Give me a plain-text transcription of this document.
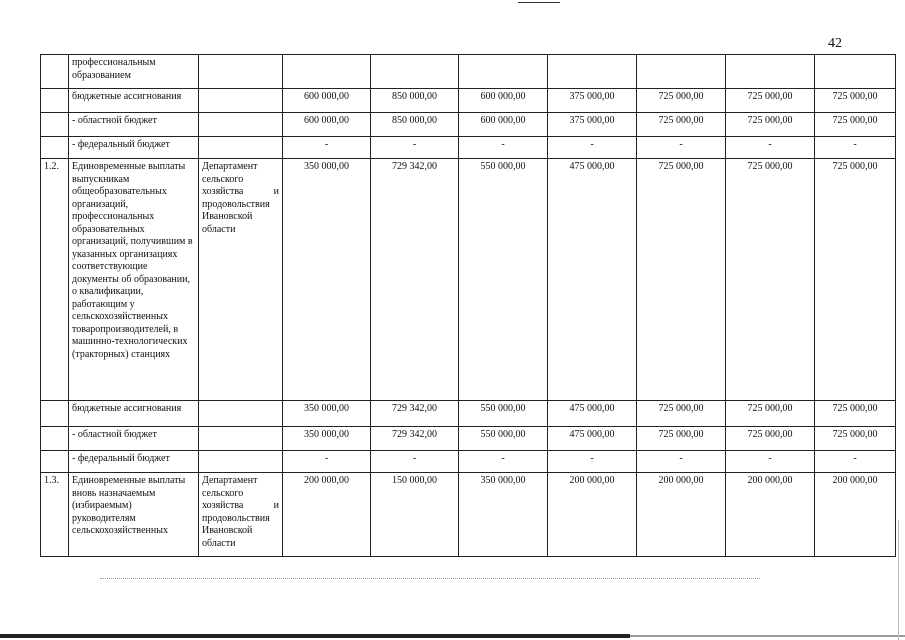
42
	профессиональным образованием								
	бюджетные ассигнования		600 000,00	850 000,00	600 000,00	375 000,00	725 000,00	725 000,00	725 000,00
	- областной бюджет		600 000,00	850 000,00	600 000,00	375 000,00	725 000,00	725 000,00	725 000,00
	- федеральный бюджет		-	-	-	-	-	-	-
1.2.	Единовременные выплаты выпускникам общеобразовательных организаций, профессиональных образовательных организаций, получившим в указанных организациях соответствующие документы об образовании, о квалификации, работающим у сельскохозяйственных товаропроизводителей, в машинно-технологических (тракторных) станциях	Департамент сельского хозяйства и продовольствия Ивановской области	350 000,00	729 342,00	550 000,00	475 000,00	725 000,00	725 000,00	725 000,00
	бюджетные ассигнования		350 000,00	729 342,00	550 000,00	475 000,00	725 000,00	725 000,00	725 000,00
	- областной бюджет		350 000,00	729 342,00	550 000,00	475 000,00	725 000,00	725 000,00	725 000,00
	- федеральный бюджет		-	-	-	-	-	-	-
1.3.	Единовременные выплаты вновь назначаемым (избираемым) руководителям сельскохозяйственных	Департамент сельского хозяйства и продовольствия Ивановской области	200 000,00	150 000,00	350 000,00	200 000,00	200 000,00	200 000,00	200 000,00
